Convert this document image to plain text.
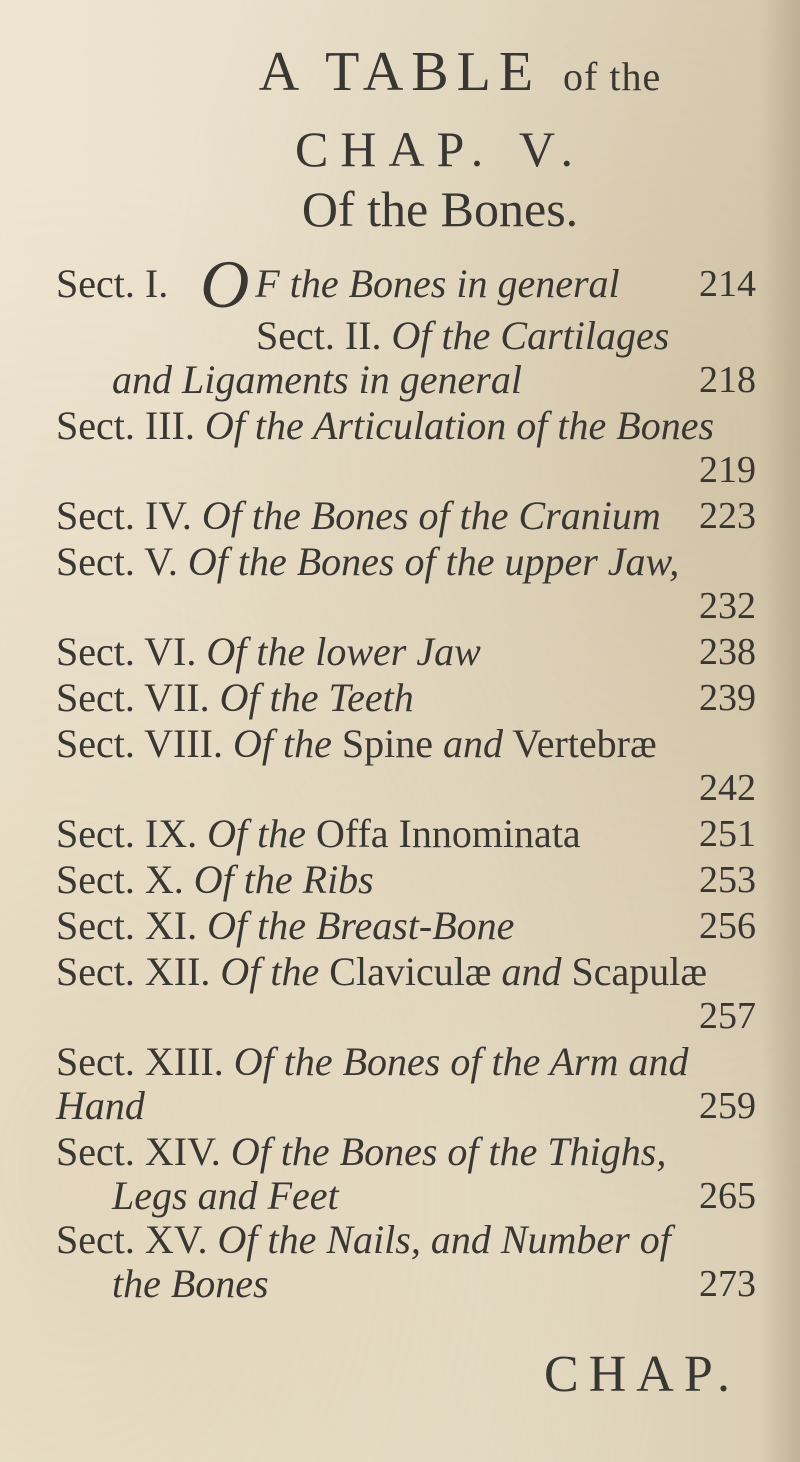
A TABLE of the
CHAP. V.
Of the Bones.
Sect. I. O F the Bones in general 214
Sect. II. Of the Cartilages
and Ligaments in general	218
Sect. III. Of the Articulation of the Bones
219
Sect. IV. Of the Bones of the Cranium 223
Sect. V. Of the Bones of the upper Jaw,
232
Sect. VI. Of the lower Jaw	238
Sect. VII. Of the Teeth	239
Sect. VIII. Of the Spine and Vertebræ
242
Sect. IX. Of the Offa Innominata	251
Sect. X. Of the Ribs	253
Sect. XI. Of the Breast-Bone	256
Sect. XII. Of the Claviculæ and Scapulæ
257
Sect. XIII. Of the Bones of the Arm and
Hand	259
Sect. XIV. Of the Bones of the Thighs,
Legs and Feet	265
Sect. XV. Of the Nails, and Number of
the Bones	273
CHAP.
